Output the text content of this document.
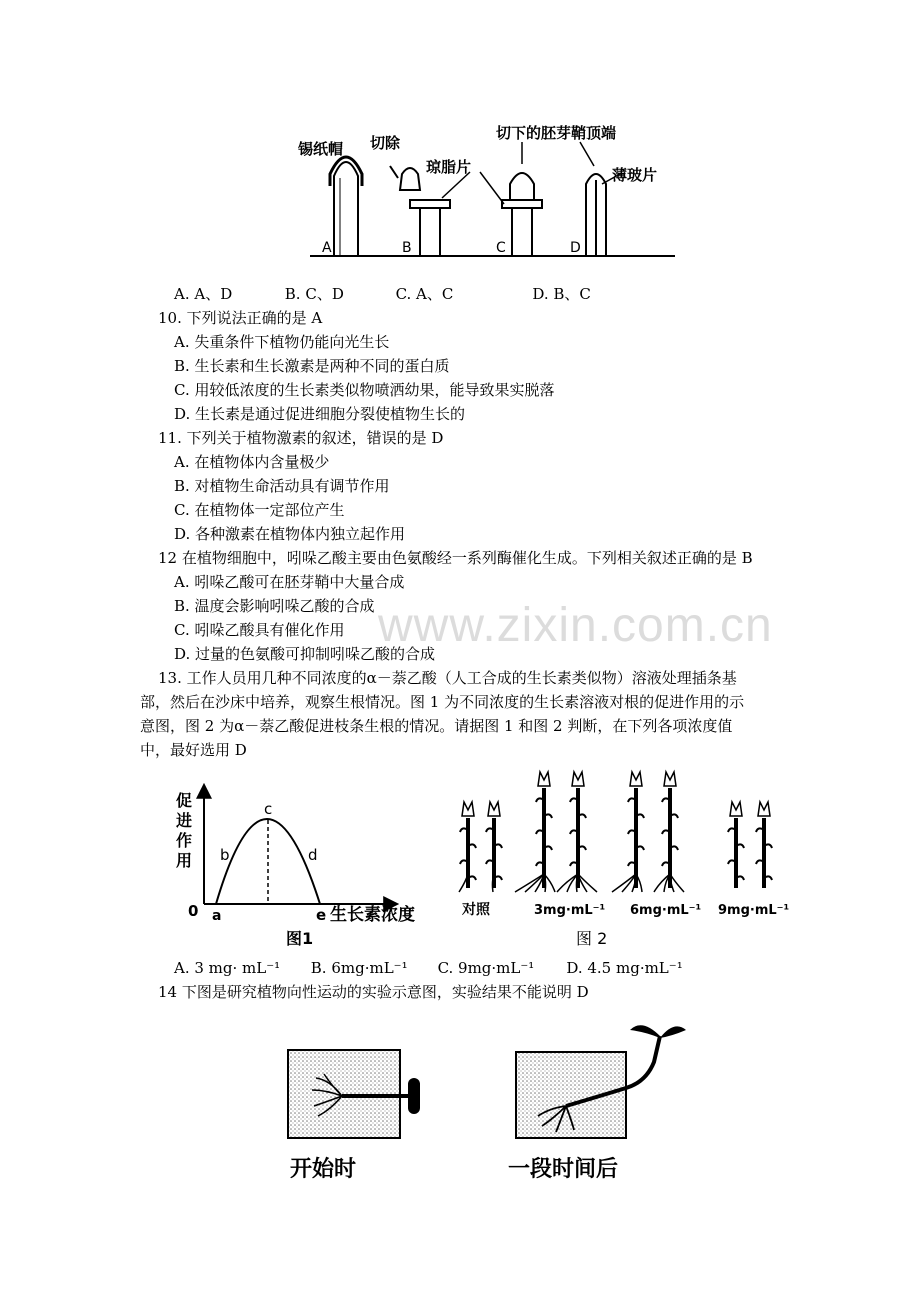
锡纸帽 切除
琼脂片
切下的胚芽鞘顶端
薄玻片
A	B	C	D
A. A、D	B. C、D	C. A、C	D. B、C
10. 下列说法正确的是 A
A. 失重条件下植物仍能向光生长
B. 生长素和生长激素是两种不同的蛋白质
C. 用较低浓度的生长素类似物喷洒幼果，能导致果实脱落
D. 生长素是通过促进细胞分裂使植物生长的
11. 下列关于植物激素的叙述，错误的是 D
A. 在植物体内含量极少
B. 对植物生命活动具有调节作用
C. 在植物体一定部位产生
D. 各种激素在植物体内独立起作用
12 在植物细胞中，吲哚乙酸主要由色氨酸经一系列酶催化生成。下列相关叙述正确的是 B
A. 吲哚乙酸可在胚芽鞘中大量合成
B. 温度会影响吲哚乙酸的合成
C. 吲哚乙酸具有催化作用
D. 过量的色氨酸可抑制吲哚乙酸的合成
www.zixin.com.cn
13. 工作人员用几种不同浓度的α－萘乙酸（人工合成的生长素类似物）溶液处理插条基
部，然后在沙床中培养，观察生根情况。图 1 为不同浓度的生长素溶液对根的促进作用的示
意图，图 2 为α－萘乙酸促进枝条生根的情况。请据图 1 和图 2 判断，在下列各项浓度值
中，最好选用 D
促
进
作
用
0 a
b
c
d
e 生长素浓度
图1
对照	3mg·mL⁻¹ 6mg·mL⁻¹ 9mg·mL⁻¹
图 2
A. 3 mg· mL⁻¹ B. 6mg·mL⁻¹ C. 9mg·mL⁻¹ D. 4.5 mg·mL⁻¹
14 下图是研究植物向性运动的实验示意图，实验结果不能说明 D
开始时	一段时间后
